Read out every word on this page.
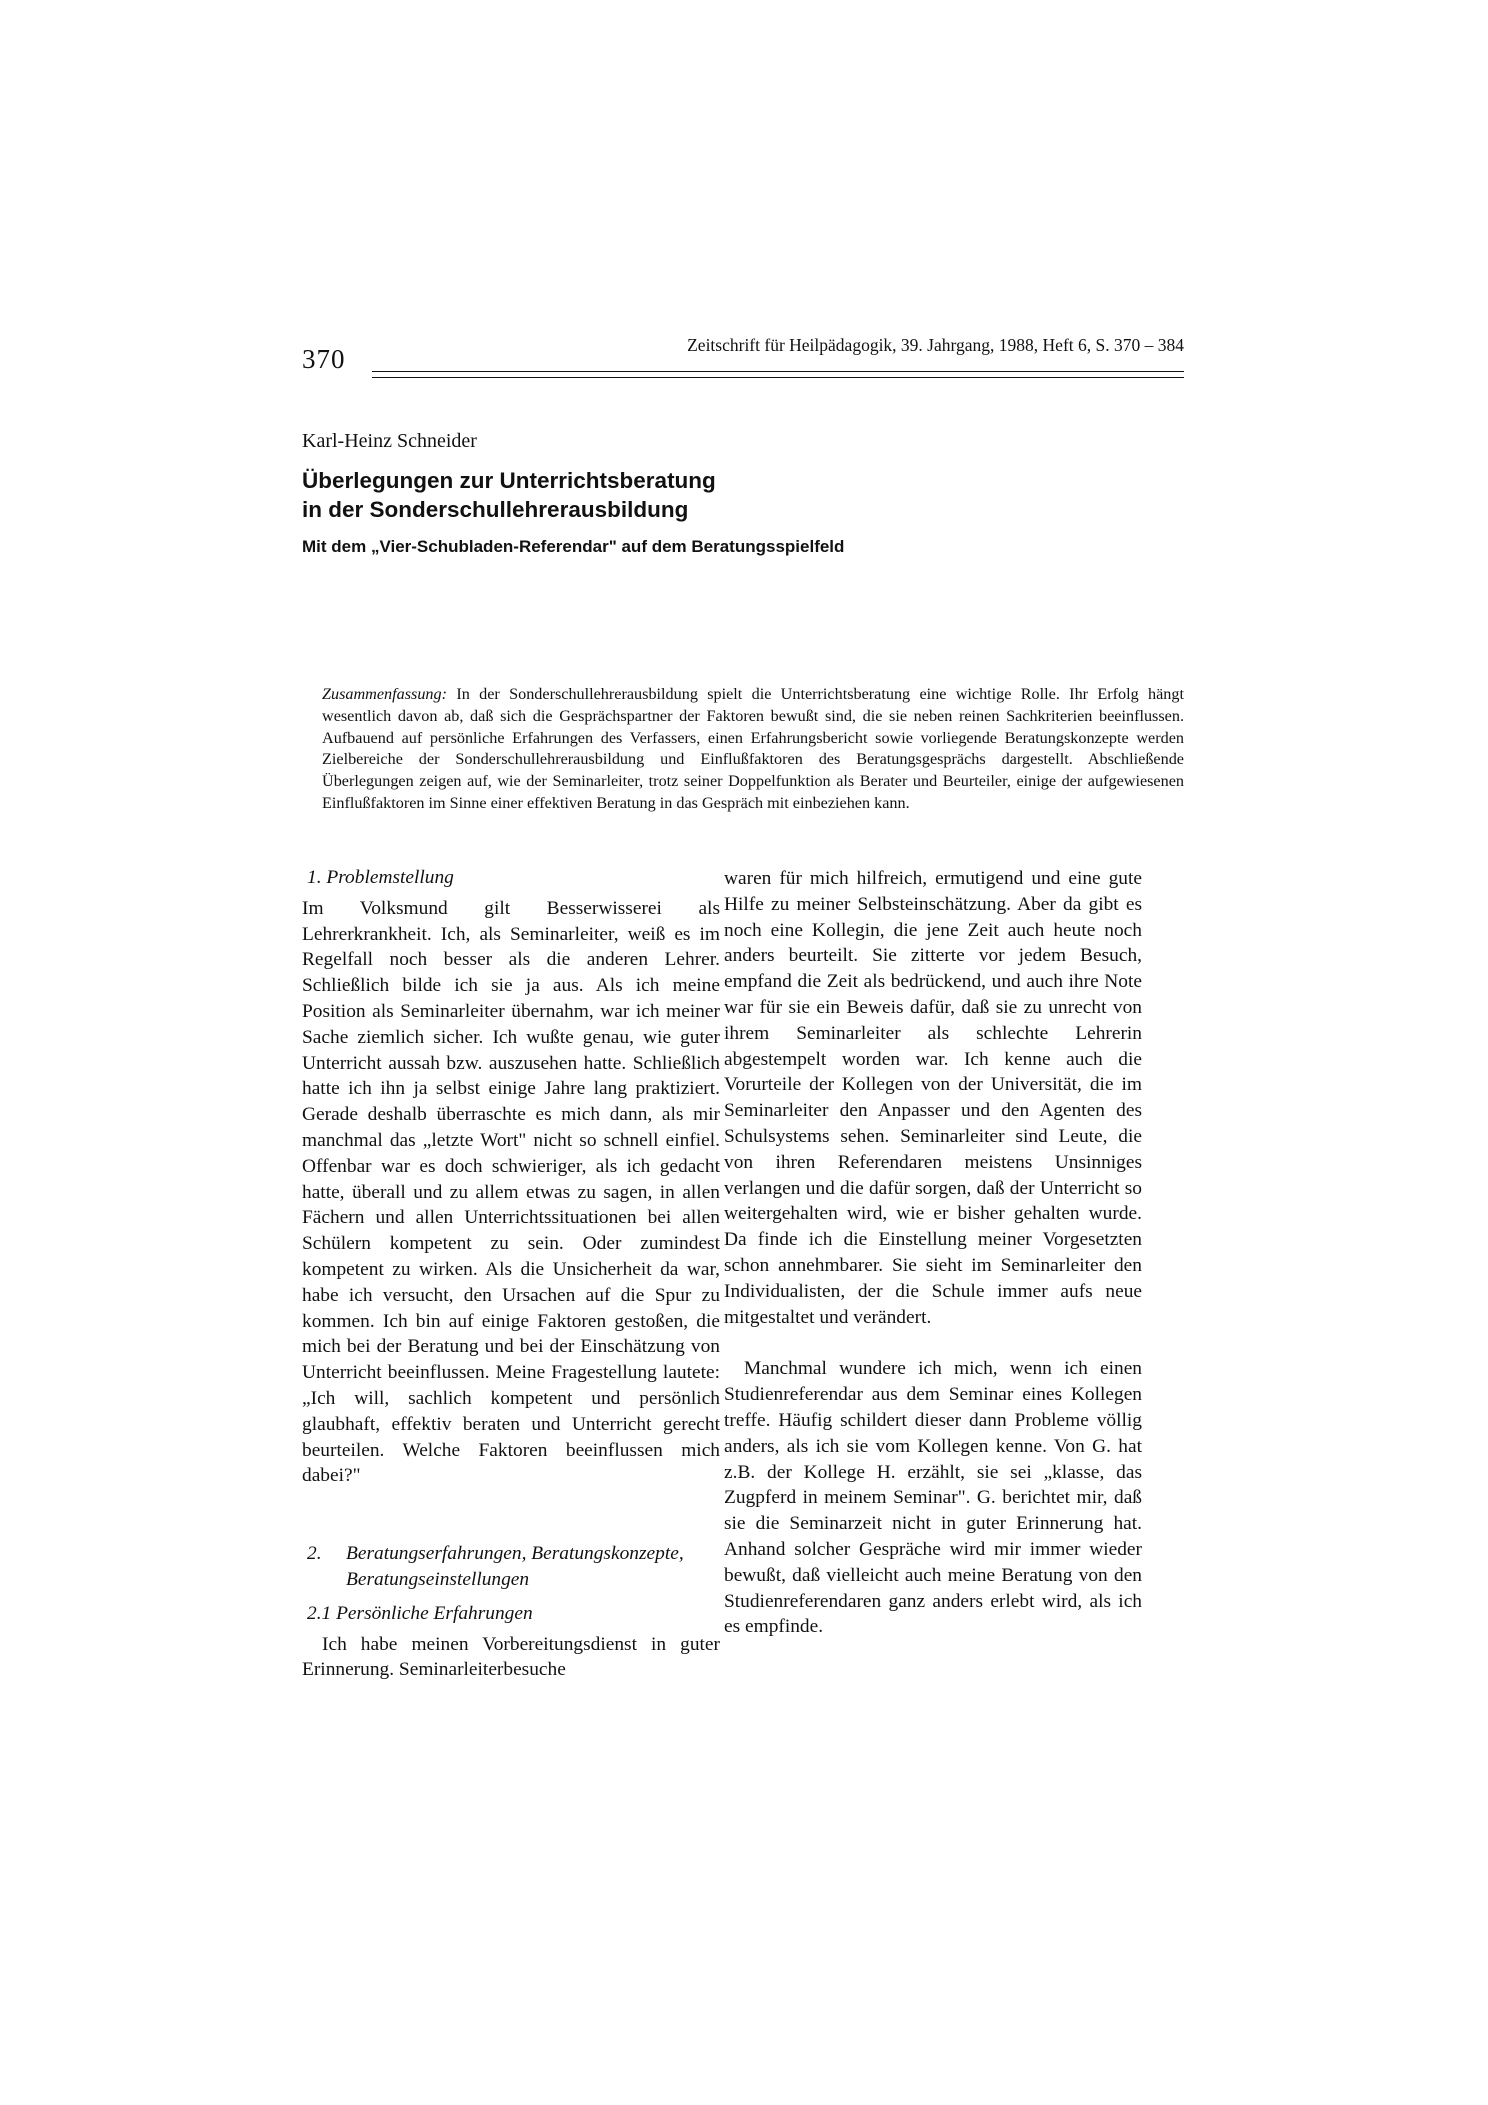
370	Zeitschrift für Heilpädagogik, 39. Jahrgang, 1988, Heft 6, S. 370 – 384
Karl-Heinz Schneider
Überlegungen zur Unterrichtsberatung
in der Sonderschullehrerausbildung
Mit dem „Vier-Schubladen-Referendar" auf dem Beratungsspielfeld
Zusammenfassung: In der Sonderschullehrerausbildung spielt die Unterrichtsberatung eine wichtige Rolle. Ihr Erfolg hängt wesentlich davon ab, daß sich die Gesprächspartner der Faktoren bewußt sind, die sie neben reinen Sachkriterien beeinflussen. Aufbauend auf persönliche Erfahrungen des Verfassers, einen Erfahrungsbericht sowie vorliegende Beratungskonzepte werden Zielbereiche der Sonderschullehrerausbildung und Einflußfaktoren des Beratungsgesprächs dargestellt. Abschließende Überlegungen zeigen auf, wie der Seminarleiter, trotz seiner Doppelfunktion als Berater und Beurteiler, einige der aufgewiesenen Einflußfaktoren im Sinne einer effektiven Beratung in das Gespräch mit einbeziehen kann.
1. Problemstellung

Im Volksmund gilt Besserwisserei als Lehrerkrankheit. Ich, als Seminarleiter, weiß es im Regelfall noch besser als die anderen Lehrer. Schließlich bilde ich sie ja aus. Als ich meine Position als Seminarleiter übernahm, war ich meiner Sache ziemlich sicher. Ich wußte genau, wie guter Unterricht aussah bzw. auszusehen hatte. Schließlich hatte ich ihn ja selbst einige Jahre lang praktiziert. Gerade deshalb überraschte es mich dann, als mir manchmal das „letzte Wort" nicht so schnell einfiel. Offenbar war es doch schwieriger, als ich gedacht hatte, überall und zu allem etwas zu sagen, in allen Fächern und allen Unterrichtssituationen bei allen Schülern kompetent zu sein. Oder zumindest kompetent zu wirken. Als die Unsicherheit da war, habe ich versucht, den Ursachen auf die Spur zu kommen. Ich bin auf einige Faktoren gestoßen, die mich bei der Beratung und bei der Einschätzung von Unterricht beeinflussen. Meine Fragestellung lautete: „Ich will, sachlich kompetent und persönlich glaubhaft, effektiv beraten und Unterricht gerecht beurteilen. Welche Faktoren beeinflussen mich dabei?"

2.	Beratungserfahrungen, Beratungskonzepte, Beratungseinstellungen
2.1 Persönliche Erfahrungen

Ich habe meinen Vorbereitungsdienst in guter Erinnerung. Seminarleiterbesuche

waren für mich hilfreich, ermutigend und eine gute Hilfe zu meiner Selbsteinschätzung. Aber da gibt es noch eine Kollegin, die jene Zeit auch heute noch anders beurteilt. Sie zitterte vor jedem Besuch, empfand die Zeit als bedrückend, und auch ihre Note war für sie ein Beweis dafür, daß sie zu unrecht von ihrem Seminarleiter als schlechte Lehrerin abgestempelt worden war. Ich kenne auch die Vorurteile der Kollegen von der Universität, die im Seminarleiter den Anpasser und den Agenten des Schulsystems sehen. Seminarleiter sind Leute, die von ihren Referendaren meistens Unsinniges verlangen und die dafür sorgen, daß der Unterricht so weitergehalten wird, wie er bisher gehalten wurde. Da finde ich die Einstellung meiner Vorgesetzten schon annehmbarer. Sie sieht im Seminarleiter den Individualisten, der die Schule immer aufs neue mitgestaltet und verändert.

Manchmal wundere ich mich, wenn ich einen Studienreferendar aus dem Seminar eines Kollegen treffe. Häufig schildert dieser dann Probleme völlig anders, als ich sie vom Kollegen kenne. Von G. hat z.B. der Kollege H. erzählt, sie sei „klasse, das Zugpferd in meinem Seminar". G. berichtet mir, daß sie die Seminarzeit nicht in guter Erinnerung hat. Anhand solcher Gespräche wird mir immer wieder bewußt, daß vielleicht auch meine Beratung von den Studienreferendaren ganz anders erlebt wird, als ich es empfinde.
